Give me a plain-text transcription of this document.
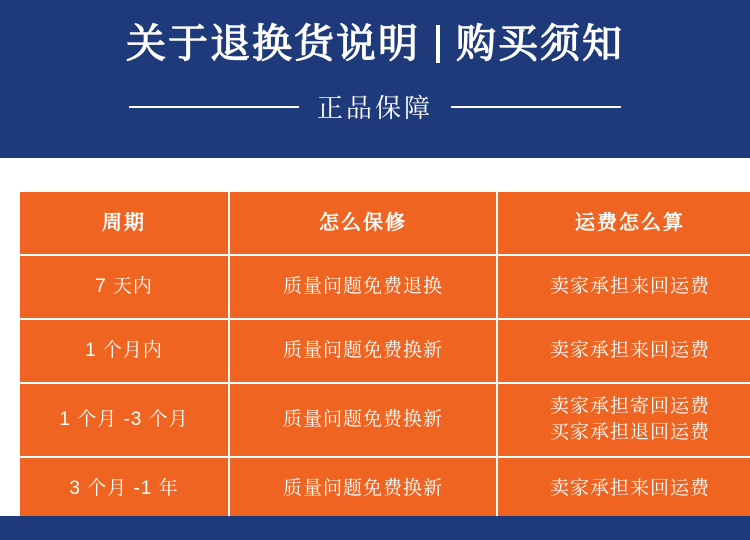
关于退换货说明 购买须知
正品保障
周期	怎么保修	运费怎么算
7 天内	质量问题免费退换	卖家承担来回运费

1 个月内	质量问题免费换新	卖家承担来回运费

1 个月 -3 个月	质量问题免费换新	卖家承担寄回运费
买家承担退回运费

3 个月 -1 年	质量问题免费换新	卖家承担来回运费
